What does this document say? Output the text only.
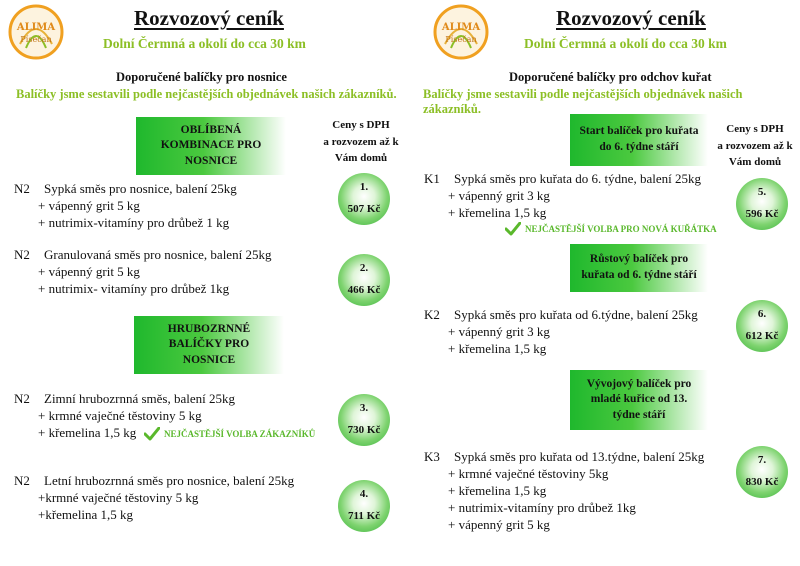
ALIMA
Písečan
Rozvozový ceník
Dolní Čermná a okolí do cca 30 km
Doporučené balíčky pro nosnice
Balíčky jsme sestavili podle nejčastějších objednávek našich zákazníků.
OBLÍBENÁ
KOMBINACE PRO
NOSNICE
Ceny s DPH
a rozvozem až k
Vám domů
N2 Sypká směs pro nosnice, balení 25kg
+ vápenný grit 5 kg
+ nutrimix-vitamíny pro drůbež 1 kg
1.
507 Kč
N2 Granulovaná směs pro nosnice, balení 25kg
+ vápenný grit 5 kg
+ nutrimix- vitamíny pro drůbež 1kg
2.
466 Kč
HRUBOZRNNÉ
BALÍČKY PRO
NOSNICE
N2 Zimní hrubozrnná směs, balení 25kg
+ krmné vaječné těstoviny 5 kg
+ křemelina 1,5 kg	NEJČASTĚJŠÍ VOLBA ZÁKAZNÍKŮ
3.
730 Kč
N2 Letní hrubozrnná směs pro nosnice, balení 25kg
+krmné vaječné těstoviny 5 kg
+křemelina 1,5 kg
4.
711 Kč
ALIMA
Písečan
Rozvozový ceník
Dolní Čermná a okolí do cca 30 km
Doporučené balíčky pro odchov kuřat
Balíčky jsme sestavili podle nejčastějších objednávek našich zákazníků.
Start balíček pro kuřata
do 6. týdne stáří
Ceny s DPH
a rozvozem až k
Vám domů
K1 Sypká směs pro kuřata do 6. týdne, balení 25kg
+ vápenný grit 3 kg
+ křemelina 1,5 kg
NEJČASTĚJŠÍ VOLBA PRO NOVÁ KUŘÁTKA
5.
596 Kč
Růstový balíček pro
kuřata od 6. týdne stáří
K2 Sypká směs pro kuřata od 6.týdne, balení 25kg
+ vápenný grit 3 kg
+ křemelina 1,5 kg
6.
612 Kč
Vývojový balíček pro
mladé kuřice od 13.
týdne stáří
K3 Sypká směs pro kuřata od 13.týdne, balení 25kg
+ krmné vaječné těstoviny 5kg
+ křemelina 1,5 kg
+ nutrimix-vitamíny pro drůbež 1kg
+ vápenný grit 5 kg
7.
830 Kč
